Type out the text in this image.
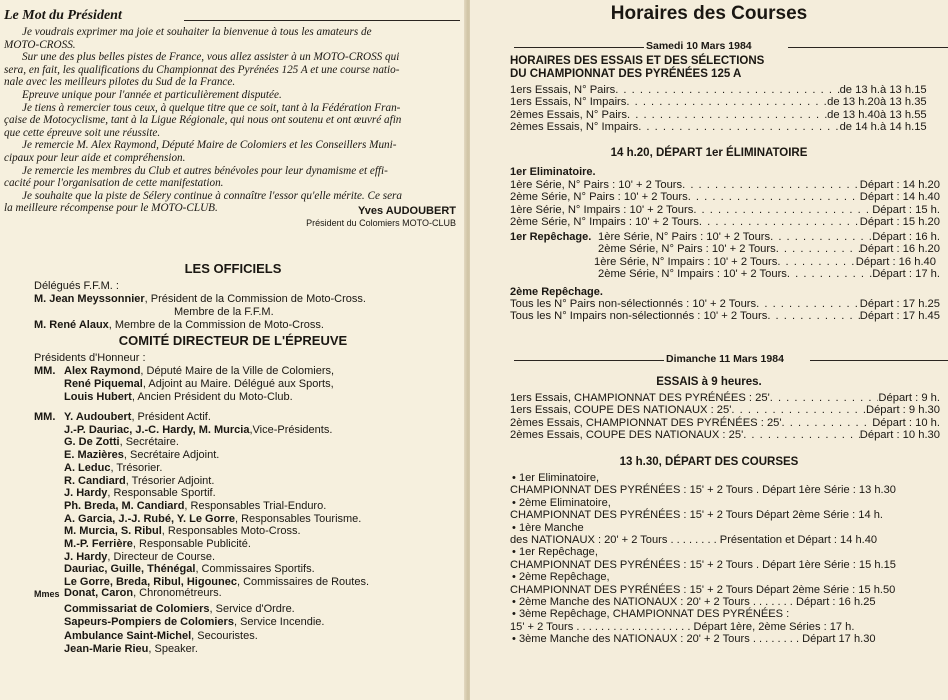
Le Mot du Président
Je voudrais exprimer ma joie et souhaiter la bienvenue à tous les amateurs de
MOTO-CROSS.
Sur une des plus belles pistes de France, vous allez assister à un MOTO-CROSS qui
sera, en fait, les qualifications du Championnat des Pyrénées 125 A et une course natio-
nale avec les meilleurs pilotes du Sud de la France.
Epreuve unique pour l'année et particulièrement disputée.
Je tiens à remercier tous ceux, à quelque titre que ce soit, tant à la Fédération Fran-
çaise de Motocyclisme, tant à la Ligue Régionale, qui nous ont soutenu et ont œuvré afin
que cette épreuve soit une réussite.
Je remercie M. Alex Raymond, Député Maire de Colomiers et les Conseillers Muni-
cipaux pour leur aide et compréhension.
Je remercie les membres du Club et autres bénévoles pour leur dynamisme et effi-
cacité pour l'organisation de cette manifestation.
Je souhaite que la piste de Sélery continue à connaître l'essor qu'elle mérite. Ce sera
la meilleure récompense pour le MOTO-CLUB.	Yves AUDOUBERT
Président du Colomiers MOTO-CLUB
LES OFFICIELS
Délégués F.F.M. :
M. Jean Meyssonnier, Président de la Commission de Moto-Cross.
Membre de la F.F.M.
M. René Alaux, Membre de la Commission de Moto-Cross.
COMITÉ DIRECTEUR DE L'ÉPREUVE
Présidents d'Honneur :
MM. Alex Raymond, Député Maire de la Ville de Colomiers,
René Piquemal, Adjoint au Maire. Délégué aux Sports,
Louis Hubert, Ancien Président du Moto-Club.
MM. Y. Audoubert, Président Actif.
J.-P. Dauriac, J.-C. Hardy, M. Murcia,Vice-Présidents.
G. De Zotti, Secrétaire.
E. Mazières, Secrétaire Adjoint.
A. Leduc, Trésorier.
R. Candiard, Trésorier Adjoint.
J. Hardy, Responsable Sportif.
Ph. Breda, M. Candiard, Responsables Trial-Enduro.
A. Garcia, J.-J. Rubé, Y. Le Gorre, Responsables Tourisme.
M. Murcia, S. Ribul, Responsables Moto-Cross.
M.-P. Ferrière, Responsable Publicité.
J. Hardy, Directeur de Course.
Dauriac, Guille, Thénégal, Commissaires Sportifs.
Le Gorre, Breda, Ribul, Higounec, Commissaires de Routes.
Mmes Donat, Caron, Chronométreurs.
Commissariat de Colomiers, Service d'Ordre.
Sapeurs-Pompiers de Colomiers, Service Incendie.
Ambulance Saint-Michel, Secouristes.
Jean-Marie Rieu, Speaker.
Horaires des Courses
Samedi 10 Mars 1984
HORAIRES DES ESSAIS ET DES SÉLECTIONS
DU CHAMPIONNAT DES PYRÉNÉES 125 A
1ers Essais, N° Pairs . . .	de 13 h. à 13 h.15
1ers Essais, N° Impairs . . .	de 13 h.20 à 13 h.35
2èmes Essais, N° Pairs . . .	de 13 h.40 à 13 h.55
2èmes Essais, N° Impairs . . .	de 14 h. à 14 h.15
14 h.20, DÉPART 1er ÉLIMINATOIRE
1er Eliminatoire.
1ère Série, N° Pairs : 10' + 2 Tours . . .	Départ : 14 h.20
2ème Série, N° Pairs : 10' + 2 Tours . . .	Départ : 14 h.40
1ère Série, N° Impairs : 10' + 2 Tours . . .	Départ : 15 h.
2ème Série, N° Impairs : 10' + 2 Tours . . .	Départ : 15 h.20
1er Repêchage. 1ère Série, N° Pairs : 10' + 2 Tours . . .	Départ : 16 h.
2ème Série, N° Pairs : 10' + 2 Tours . . .	Départ : 16 h.20
1ère Série, N° Impairs : 10' + 2 Tours . . .	Départ : 16 h.40
2ème Série, N° Impairs : 10' + 2 Tours . . .	Départ : 17 h.
2ème Repêchage.
Tous les N° Pairs non-sélectionnés : 10' + 2 Tours . . .	Départ : 17 h.25
Tous les N° Impairs non-sélectionnés : 10' + 2 Tours . . .	Départ : 17 h.45
Dimanche 11 Mars 1984
ESSAIS à 9 heures.
1ers Essais, CHAMPIONNAT DES PYRÉNÉES : 25' . . .	Départ : 9 h.
1ers Essais, COUPE DES NATIONAUX : 25' . . .	Départ : 9 h.30
2èmes Essais, CHAMPIONNAT DES PYRÉNÉES : 25' . . .	Départ : 10 h.
2èmes Essais, COUPE DES NATIONAUX : 25' . . .	Départ : 10 h.30
13 h.30, DÉPART DES COURSES
• 1er Eliminatoire,
CHAMPIONNAT DES PYRÉNÉES : 15' + 2 Tours . Départ 1ère Série : 13 h.30
• 2ème Eliminatoire,
CHAMPIONNAT DES PYRÉNÉES : 15' + 2 Tours Départ 2ème Série : 14 h.
• 1ère Manche
des NATIONAUX : 20' + 2 Tours . . . . . . . . Présentation et Départ : 14 h.40
• 1er Repêchage,
CHAMPIONNAT DES PYRÉNÉES : 15' + 2 Tours . Départ 1ère Série : 15 h.15
• 2ème Repêchage,
CHAMPIONNAT DES PYRÉNÉES : 15' + 2 Tours Départ 2ème Série : 15 h.50
• 2ème Manche des NATIONAUX : 20' + 2 Tours . . . . . . . Départ : 16 h.25
• 3ème Repêchage, CHAMPIONNAT DES PYRÉNÉES :
15' + 2 Tours . . . . . . . . . . . . . . . . . . . Départ 1ère, 2ème Séries : 17 h.
• 3ème Manche des NATIONAUX : 20' + 2 Tours . . . . . . . . Départ 17 h.30
